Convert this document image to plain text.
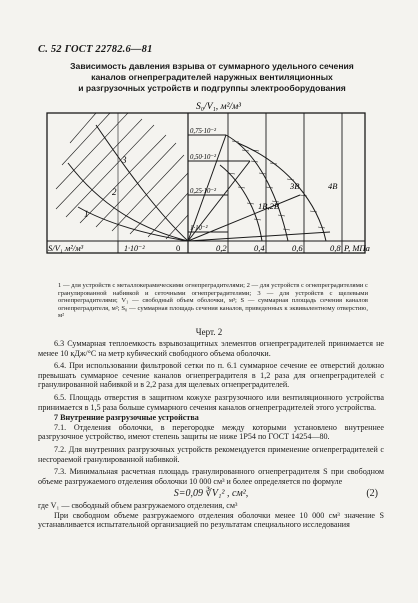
С. 52 ГОСТ 22782.6—81
Зависимость давления взрыва от суммарного удельного сечения
каналов огнепреградителей наружных вентиляционных
и разгрузочных устройств и подгруппы электрооборудования
S₀/V₁, м²/м³
S/V₁ м²/м³	P, МПа
1·10⁻²	0	0,2	0,4	0,6	0,8
0,75·10⁻²
0,50·10⁻²
0,25·10⁻²
1·10⁻²
1
2
3
3В	4В
1В,2В
1 — для устройств с металлокерамическими огнепреградителями; 2 — для устройств с огнепреградителями с гранулированной набивкой и сеточными огнепреградителями; 3 — для устройств с щелевыми огнепреградителями; V₁ — свободный объем оболочки, м³; S — суммарная площадь сечения каналов огнепреградителя, м²; S₀ — суммарная площадь сечения каналов, приведенных к эквивалентному отверстию, м²
Черт. 2

6.3 Суммарная теплоемкость взрывозащитных элементов огнепреградителей принимается не менее 10 кДж/°С на метр кубический свободного объема оболочки.

6.4. При использовании фильтровой сетки по п. 6.1 суммарное сечение ее отверстий должно превышать суммарное сечение каналов огнепреградителя в 1,2 раза для огнепреградителей с гранулированной набивкой и в 2,2 раза для щелевых огнепреградителей.

6.5. Площадь отверстия в защитном кожухе разгрузочного или вентиляционного устройства принимается в 1,5 раза больше суммарного сечения каналов огнепреградителей этого устройства.

7 Внутренние разгрузочные устройства

7.1. Отделения оболочки, в перегородке между которыми установлено внутреннее разгрузочное устройство, имеют степень защиты не ниже 1Р54 по ГОСТ 14254—80.

7.2. Для внутренних разгрузочных устройств рекомендуется применение огнепреградителей с несгораемой гранулированной набивкой.

7.3. Минимальная расчетная площадь гранулированного огнепреградителя S при свободном объеме разгружаемого отделения оболочки 10 000 см³ и более определяется по формуле

S=0,09 ∛V₁² , см²,	(2)

где V₁ — свободный объем разгружаемого отделения, см³

При свободном объеме разгружаемого отделения оболочки менее 10 000 см³ значение S устанавливается испытательной организацией по результатам специального исследования
